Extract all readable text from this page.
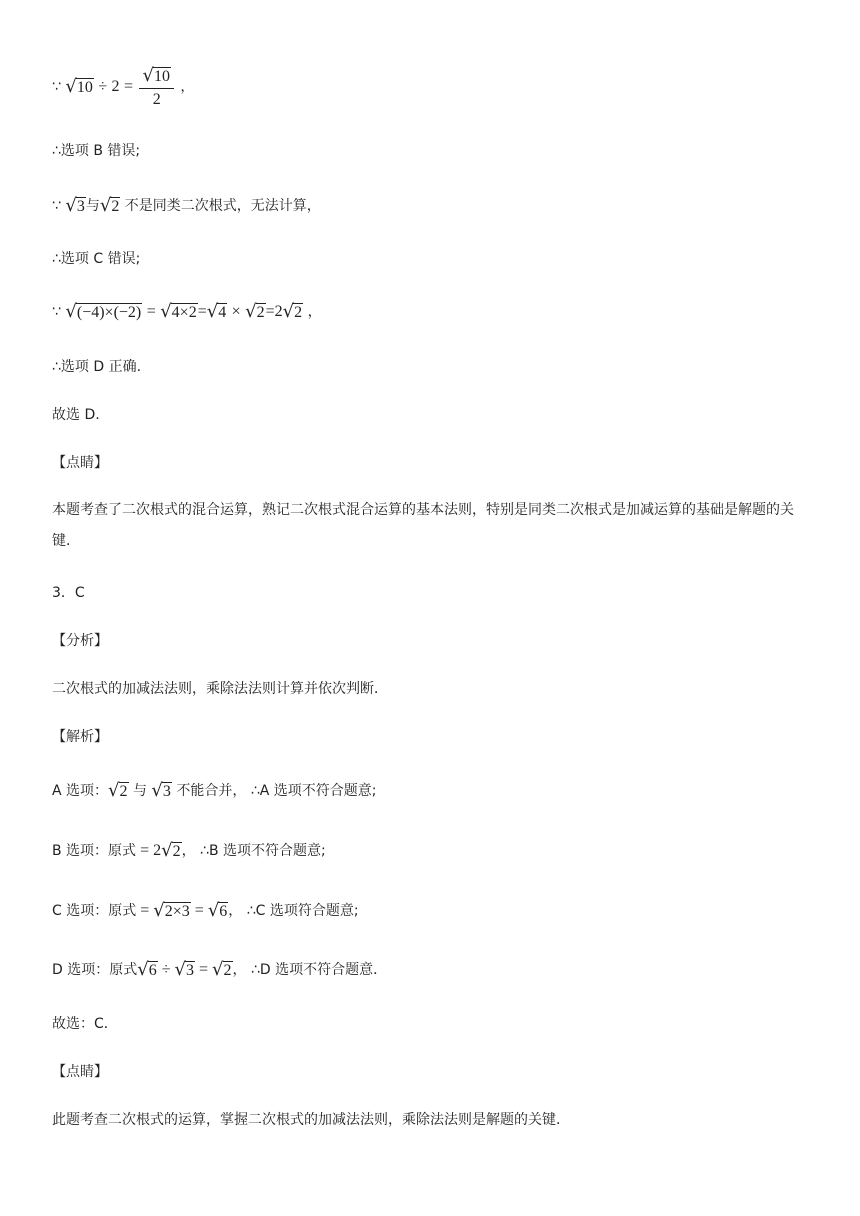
∵ $√10 \div 2 = \frac{√10}{2}$ ，
∴选项 B 错误;
∵ √3与√2 不是同类二次根式，无法计算，
∴选项 C 错误;
∵ √(−4)×(−2) = √4×2=√4 × √2=2√2 ，
∴选项 D 正确.
故选 D.
【点睛】
本题考查了二次根式的混合运算，熟记二次根式混合运算的基本法则，特别是同类二次根式是加减运算的基础是解题的关键.
3．C
【分析】
二次根式的加减法法则，乘除法法则计算并依次判断．
【解析】
A 选项：√2 与 √3 不能合并， ∴A 选项不符合题意;
B 选项：原式 = 2√2， ∴B 选项不符合题意;
C 选项：原式 = √2×3 = √6， ∴C 选项符合题意;
D 选项：原式√6 ÷ √3 = √2， ∴D 选项不符合题意．
故选：C．
【点睛】
此题考查二次根式的运算，掌握二次根式的加减法法则，乘除法法则是解题的关键．
